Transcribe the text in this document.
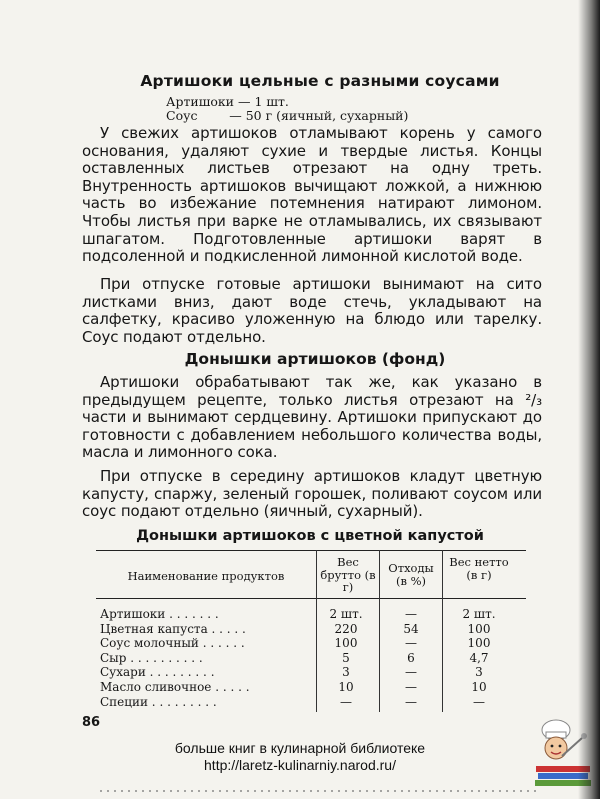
Артишоки цельные с разными соусами
Артишоки — 1 шт.
Соус        — 50 г (яичный, сухарный)

У свежих артишоков отламывают корень у самого основания, удаляют сухие и твердые листья. Концы оставленных листьев отрезают на одну треть. Внутренность артишоков вычищают ложкой, а нижнюю часть во избежание потемнения натирают лимоном. Чтобы листья при варке не отламывались, их связывают шпагатом. Подготовленные артишоки варят в подсоленной и подкисленной лимонной кислотой воде.

При отпуске готовые артишоки вынимают на сито листками вниз, дают воде стечь, укладывают на салфетку, красиво уложенную на блюдо или тарелку. Соус подают отдельно.

Донышки артишоков (фонд)

Артишоки обрабатывают так же, как указано в предыдущем рецепте, только листья отрезают на ²/₃ части и вынимают сердцевину. Артишоки припускают до готовности с добавлением небольшого количества воды, масла и лимонного сока.

При отпуске в середину артишоков кладут цветную капусту, спаржу, зеленый горошек, поливают соусом или соус подают отдельно (яичный, сухарный).

Донышки артишоков с цветной капустой
Наименование продуктов
Вес брутто (в г)
Отходы (в %)
Вес нетто (в г)
Артишоки . . . . . . .	2 шт.	—	2 шт.
Цветная капуста . . . . .	220	54	100
Соус молочный . . . . . .	100	—	100
Сыр . . . . . . . . . .	5	6	4,7
Сухари . . . . . . . . .	3	—	3
Масло сливочное . . . . .	10	—	10
Специи . . . . . . . . .	—	—	—
86
больше книг в кулинарной библиотеке
http://laretz-kulinarniy.narod.ru/
